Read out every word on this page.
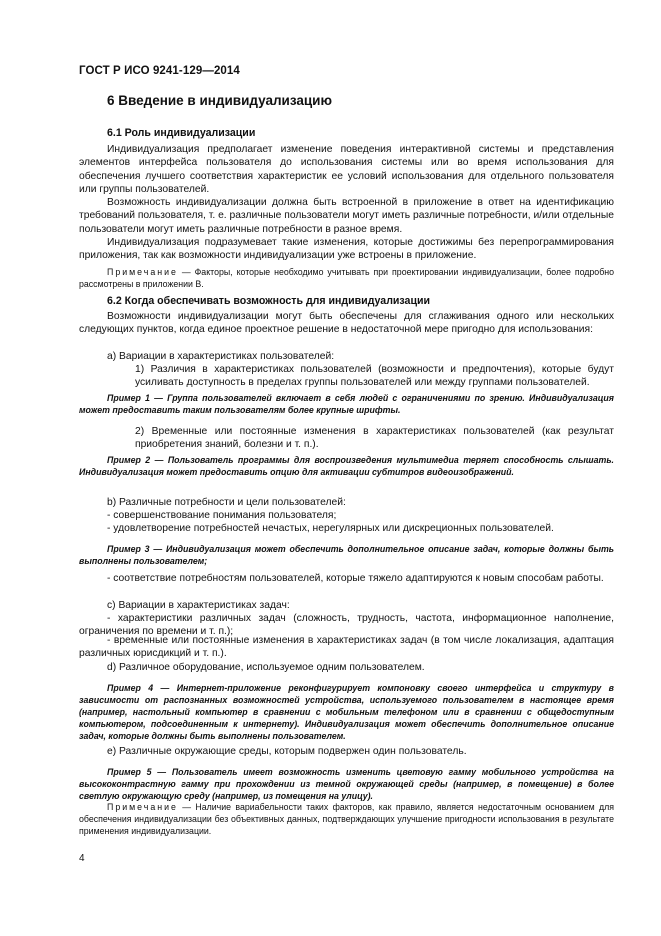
ГОСТ Р ИСО 9241-129—2014
6 Введение в индивидуализацию
6.1 Роль индивидуализации
Индивидуализация предполагает изменение поведения интерактивной системы и представления элементов интерфейса пользователя до использования системы или во время использования для обеспечения лучшего соответствия характеристик ее условий использования для отдельного пользователя или группы пользователей.
Возможность индивидуализации должна быть встроенной в приложение в ответ на идентификацию требований пользователя, т. е. различные пользователи могут иметь различные потребности, и/или отдельные пользователи могут иметь различные потребности в разное время.
Индивидуализация подразумевает такие изменения, которые достижимы без перепрограммирования приложения, так как возможности индивидуализации уже встроены в приложение.
Примечание — Факторы, которые необходимо учитывать при проектировании индивидуализации, более подробно рассмотрены в приложении В.
6.2 Когда обеспечивать возможность для индивидуализации
Возможности индивидуализации могут быть обеспечены для сглаживания одного или нескольких следующих пунктов, когда единое проектное решение в недостаточной мере пригодно для использования:
a) Вариации в характеристиках пользователей:
1) Различия в характеристиках пользователей (возможности и предпочтения), которые будут усиливать доступность в пределах группы пользователей или между группами пользователей.
Пример 1 — Группа пользователей включает в себя людей с ограничениями по зрению. Индивидуализация может предоставить таким пользователям более крупные шрифты.
2) Временные или постоянные изменения в характеристиках пользователей (как результат приобретения знаний, болезни и т. п.).
Пример 2 — Пользователь программы для воспроизведения мультимедиа теряет способность слышать. Индивидуализация может предоставить опцию для активации субтитров видеоизображений.
b) Различные потребности и цели пользователей:
- совершенствование понимания пользователя;
- удовлетворение потребностей нечастых, нерегулярных или дискреционных пользователей.
Пример 3 — Индивидуализация может обеспечить дополнительное описание задач, которые должны быть выполнены пользователем;
- соответствие потребностям пользователей, которые тяжело адаптируются к новым способам работы.
c) Вариации в характеристиках задач:
- характеристики различных задач (сложность, трудность, частота, информационное наполнение, ограничения по времени и т. п.);
- временные или постоянные изменения в характеристиках задач (в том числе локализация, адаптация различных юрисдикций и т. п.).
d) Различное оборудование, используемое одним пользователем.
Пример 4 — Интернет-приложение реконфигурирует компоновку своего интерфейса и структуру в зависимости от распознанных возможностей устройства, используемого пользователем в настоящее время (например, настольный компьютер в сравнении с мобильным телефоном или в сравнении с общедоступным компьютером, подсоединенным к интернету). Индивидуализация может обеспечить дополнительное описание задач, которые должны быть выполнены пользователем.
e) Различные окружающие среды, которым подвержен один пользователь.
Пример 5 — Пользователь имеет возможность изменить цветовую гамму мобильного устройства на высококонтрастную гамму при прохождении из темной окружающей среды (например, в помещение) в более светлую окружающую среду (например, из помещения на улицу).
Примечание — Наличие вариабельности таких факторов, как правило, является недостаточным основанием для обеспечения индивидуализации без объективных данных, подтверждающих улучшение пригодности использования в результате применения индивидуализации.
4
